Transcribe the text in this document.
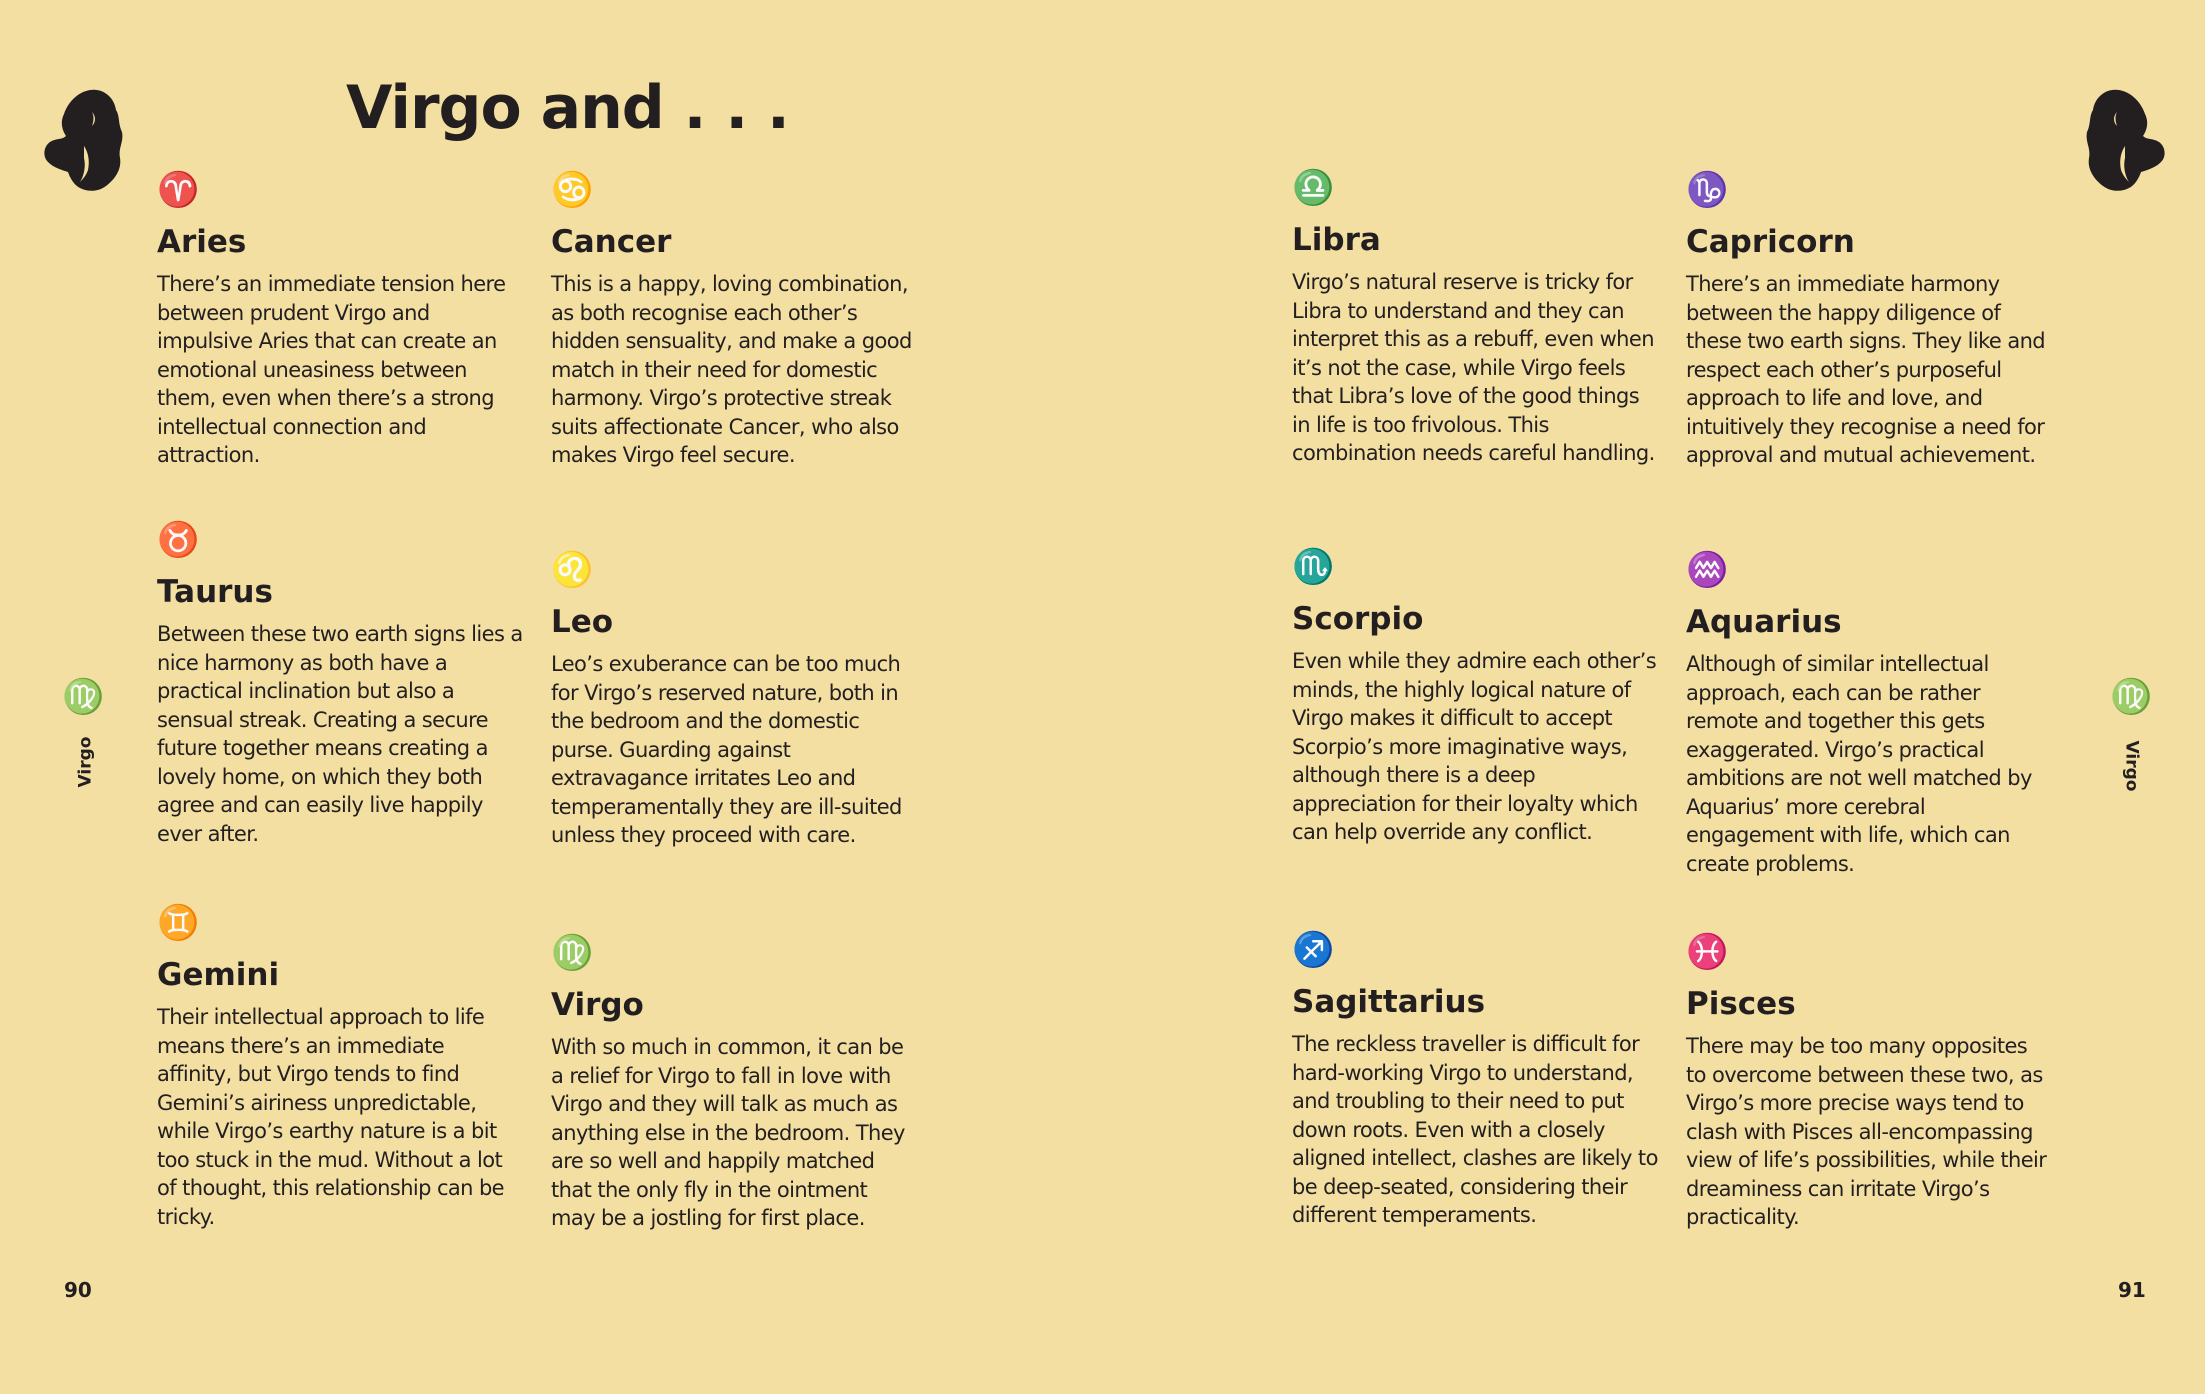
Virgo and . . .
♍
Virgo
90
♈
Aries

There’s an immediate tension here between prudent Virgo and impulsive Aries that can create an emotional uneasiness between them, even when there’s a strong intellectual connection and attraction.

♉
Taurus

Between these two earth signs lies a nice harmony as both have a practical inclination but also a sensual streak. Creating a secure future together means creating a lovely home, on which they both agree and can easily live happily ever after.

♊
Gemini

Their intellectual approach to life means there’s an immediate affinity, but Virgo tends to find Gemini’s airiness unpredictable, while Virgo’s earthy nature is a bit too stuck in the mud. Without a lot of thought, this relationship can be tricky.

♋
Cancer

This is a happy, loving combination, as both recognise each other’s hidden sensuality, and make a good match in their need for domestic harmony. Virgo’s protective streak suits affectionate Cancer, who also makes Virgo feel secure.

♌
Leo

Leo’s exuberance can be too much for Virgo’s reserved nature, both in the bedroom and the domestic purse. Guarding against extravagance irritates Leo and temperamentally they are ill-suited unless they proceed with care.

♍
Virgo

With so much in common, it can be a relief for Virgo to fall in love with Virgo and they will talk as much as anything else in the bedroom. They are so well and happily matched that the only fly in the ointment may be a jostling for first place.

♍
Virgo
91
♎
Libra

Virgo’s natural reserve is tricky for Libra to understand and they can interpret this as a rebuff, even when it’s not the case, while Virgo feels that Libra’s love of the good things in life is too frivolous. This combination needs careful handling.

♏
Scorpio

Even while they admire each other’s minds, the highly logical nature of Virgo makes it difficult to accept Scorpio’s more imaginative ways, although there is a deep appreciation for their loyalty which can help override any conflict.

♐
Sagittarius

The reckless traveller is difficult for hard-working Virgo to understand, and troubling to their need to put down roots. Even with a closely aligned intellect, clashes are likely to be deep-seated, considering their different temperaments.

♑
Capricorn

There’s an immediate harmony between the happy diligence of these two earth signs. They like and respect each other’s purposeful approach to life and love, and intuitively they recognise a need for approval and mutual achievement.

♒
Aquarius

Although of similar intellectual approach, each can be rather remote and together this gets exaggerated. Virgo’s practical ambitions are not well matched by Aquarius’ more cerebral engagement with life, which can create problems.

♓
Pisces

There may be too many opposites to overcome between these two, as Virgo’s more precise ways tend to clash with Pisces all-encompassing view of life’s possibilities, while their dreaminess can irritate Virgo’s practicality.
